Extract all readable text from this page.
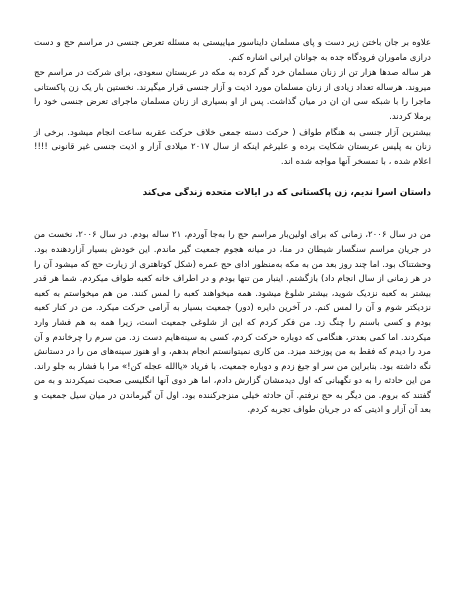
علاوه بر جان باختن زیر دست و پای مسلمان دایناسور میاییستی به مسئله تعرض جنسی در مراسم حج و دست درازی ماموران فرودگاه جده به جوانان ایرانی اشاره کنم.

هر ساله صدها هزار تن از زنان مسلمان خرد گم کرده به مکه در عربستان سعودی، برای شرکت در مراسم حج میروند. هرساله تعداد زیادی از زنان مسلمان مورد اذیت و آزار جنسی قرار میگیرند. نخستین بار یک زن پاکستانی ماجرا را با شبکه سی ان ان در میان گذاشت. پس از او بسیاری از زنان مسلمان ماجرای تعرض جنسی خود را برملا کردند.

بیشترین آزار جنسی به هنگام طواف ( حرکت دسته جمعی خلاف حرکت عقربه ساعت انجام میشود. برخی از زنان به پلیس عربستان شکایت برده و علیرغم اینکه از سال ۲۰۱۷ میلادی آزار و اذیت جنسی غیر قانونی !!!! اعلام شده ، با تمسخر آنها مواجه شده اند.

داستان اسرا ندیم، زن پاکستانی که در ایالات متحده زندگی می‌کند

من در سال ۲۰۰۶، زمانی که برای اولین‌بار مراسم حج را به‌جا آوردم، ۲۱ ساله بودم. در سال ۲۰۰۶، نخست من در جریان مراسم سنگسار شیطان در منا، در میانه هجوم جمعیت گیر ماندم. این خودش بسیار آزاردهنده بود. وحشتناک بود. اما چند روز بعد من به مکه به‌منظور ادای حج عمره (شکل کوتاهتری از زیارت حج که میشود آن را در هر زمانی از سال انجام داد) بازگشتم. اینبار من تنها بودم و در اطراف خانه کعبه طواف میکردم. شما هر قدر بیشتر به کعبه نزدیک شوید، بیشتر شلوغ میشود. همه میخواهند کعبه را لمس کنند. من هم میخواستم به کعبه نزدیکتر شوم و آن را لمس کنم. در آخرین دایره (دور) جمعیت بسیار به آرامی حرکت میکرد. من در کنار کعبه بودم و کسی باسنم را چنگ زد. من فکر کردم که این از شلوغی جمعیت است، زیرا همه به هم فشار وارد میکردند. اما کمی بعدتر، هنگامی که دوباره حرکت کردم، کسی به سینه‌هایم دست زد. من سرم را چرخاندم و آن مرد را دیدم که فقط به من پوزخند میزد. من کاری نمیتوانستم انجام بدهم، و او هنوز سینه‌های من را در دستانش نگه داشته بود. بنابراین من سر او جیغ زدم و دوباره جمعیت، با فریاد «یاالله عجله کن!» مرا با فشار به جلو راند. من این حادثه را به دو نگهبانی که اول دیدمشان گزارش دادم، اما هر دوی آنها انگلیسی صحبت نمیکردند و به من گفتند که بروم. من دیگر به حج نرفتم. آن حادثه خیلی منزجرکننده بود. اول آن گیرماندن در میان سیل جمعیت و بعد آن آزار و اذیتی که در جریان طواف تجربه کردم.
